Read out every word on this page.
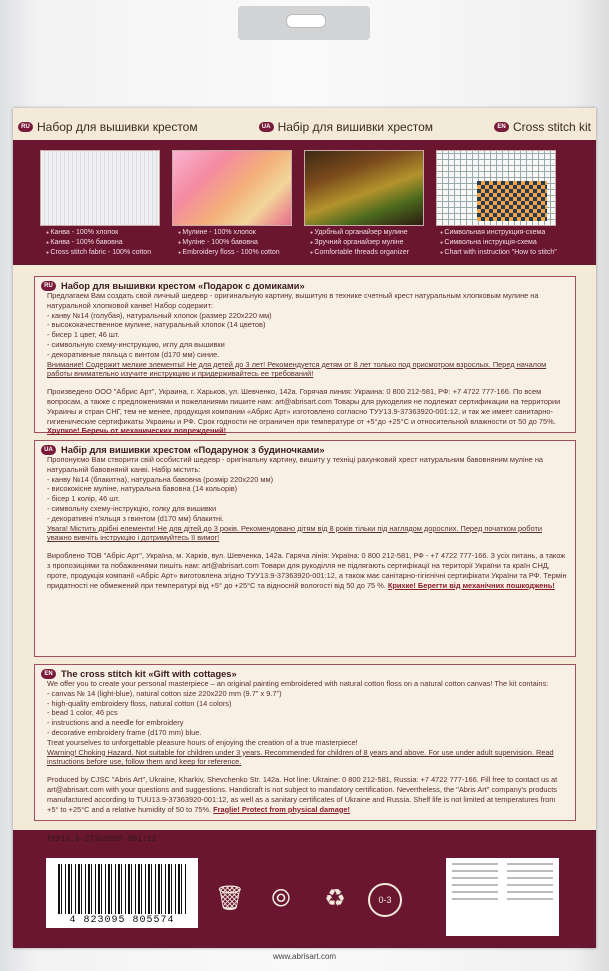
RU Набор для вышивки крестом	UA Набір для вишивки хрестом	EN Cross stitch kit
● Канва - 100% хлопок
● Канва - 100% бавовна
● Cross stitch fabric - 100% cotton
● Мулине - 100% хлопок
● Мулiне - 100% бавовна
● Embroidery floss - 100% cotton
● Удобный органайзер мулине
● Зручний органайзер мулiне
● Comfortable threads organizer
● Символьная инструкция-схема
● Символьна iнструкцiя-схема
● Chart with instruction "How to stitch"
RU Набор для вышивки крестом «Подарок с домиками»

Предлагаем Вам создать свой личный шедевр - оригинальную картину, вышитую в технике счетный крест натуральным хлопковым мулине на натуральной хлопковой канве! Набор содержит:

- канву №14 (голубая), натуральный хлопок (размер 220x220 мм)

- высококачественное мулине, натуральный хлопок (14 цветов)

- бисер 1 цвет, 46 шт.

- символьную схему-инструкцию, иглу для вышивки

- декоративные пяльца с винтом (d170 мм) синие.

Внимание! Содержит мелкие элементы! Не для детей до 3 лет! Рекомендуется детям от 8 лет только под присмотром взрослых. Перед началом работы внимательно изучите инструкцию и придерживайтесь ее требований!

Произведено ООО "Абрис Арт", Украина, г. Харьков, ул. Шевченко, 142а. Горячая линия: Украина: 0 800 212-581, РФ: +7 4722 777-166. По всем вопросам, а также с предложениями и пожеланиями пишите нам: art@abrisart.com Товары для рукоделия не подлежат сертификации на территории Украины и стран СНГ, тем не менее, продукция компании «Абрис Арт» изготовлено согласно ТУУ13.9-37363920-001:12, и так же имеет санитарно-гигиенические сертификаты Украины и РФ. Срок годности не ограничен при температуре от +5°до +25°С и относительной влажности от 50 до 75%. Хрупкое! Беречь от механических повреждений!

UA Набір для вишивки хрестом «Подарунок з будиночками»

Пропонуємо Вам створити свій особистий шедевр - оригінальну картину, вишиту у техніці рахунковий хрест натуральним бавовняним мулiне на натуральній бавовняній канві. Набір містить:

- канву №14 (блакитна), натуральна бавовна (розмір 220x220 мм)

- висококісне мулiне, натуральна бавовна (14 кольорів)

- бісер 1 колір, 46 шт.

- символьну схему-інструкцію, голку для вишивки

- декоративні п'яльця з гвинтом (d170 мм) блакитні.

Увага! Містить дрібні елементи! Не для дітей до 3 років. Рекомендовано дітям від 8 років тільки під наглядом дорослих. Перед початком роботи уважно вивчіть інструкцію і дотримуйтесь її вимог!

Виробленo ТОВ "Абріс Арт", Україна, м. Харків, вул. Шевченка, 142а. Гаряча лінія: Україна: 0 800 212-581, РФ - +7 4722 777-166. З усіх питань, а також з пропозиціями та побажаннями пишіть нам: art@abrisart.com Товари для рукоділля не підлягають сертифікації на території України та країн СНД, проте, продукція компанії «Абріс Арт» виготовлена згідно ТУУ13.9-37363920-001:12, а також має санітарно-гігієнічні сертифікати України та РФ. Термін придатності не обмежений при температурі від +5° до +25°С та відносній вологості від 50 до 75 %. Крихке! Берегти від механічних пошкоджень!

EN The cross stitch kit «Gift with cottages»

We offer you to create your personal masterpiece – an original painting embroidered with natural cotton floss on a natural cotton canvas! The kit contains:

- canvas № 14 (light-blue), natural cotton size 220x220 mm (9.7" x 9.7")

- high-quality embroidery floss, natural cotton (14 colors)

- bead 1 color, 46 pcs

- instructions and a needle for embroidery

- decorative embroidery frame (d170 mm) blue.

Treat yourselves to unforgettable pleasure hours of enjoying the creation of a true masterpiece!

Warning! Choking Hazard. Not suitable for children under 3 years. Recommended for children of 8 years and above. For use under adult supervision. Read instructions before use, follow them and keep for reference.

Produced by CJSC "Abris Art", Ukraine, Kharkiv, Shevchenko Str. 142a. Hot line: Ukraine: 0 800 212-581, Russia: +7 4722 777-166. Fill free to contact us at art@abrisart.com with your questions and suggestions. Handicraft is not subject to mandatory certification. Nevertheless, the "Abris Art" company's products manufactured according to TUU13.9-37363920-001:12, as well as a sanitary certificates of Ukraine and Russia. Shelf life is not limited at temperatures from +5° to +25°C and a relative humidity of 50 to 75%. Fraglie! Protect from physical damage!

ТУУ13.9-37363920-001:12
4 823095 805574
🗑	⦾	♻	0-3
www.abrisart.com
